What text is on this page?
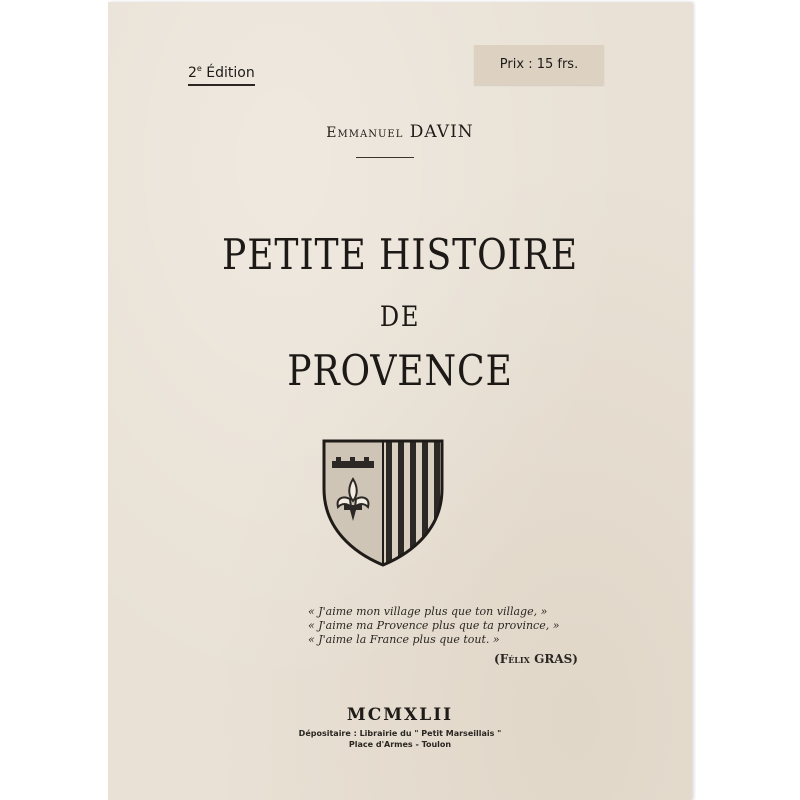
2e Édition
Prix : 15 frs.
Emmanuel DAVIN
PETITE HISTOIRE
DE
PROVENCE
« J'aime mon village plus que ton village, »
« J'aime ma Provence plus que ta province, »
« J'aime la France plus que tout. »
(Félix GRAS)
MCMXLII
Dépositaire : Librairie du " Petit Marseillais "
Place d'Armes - Toulon
